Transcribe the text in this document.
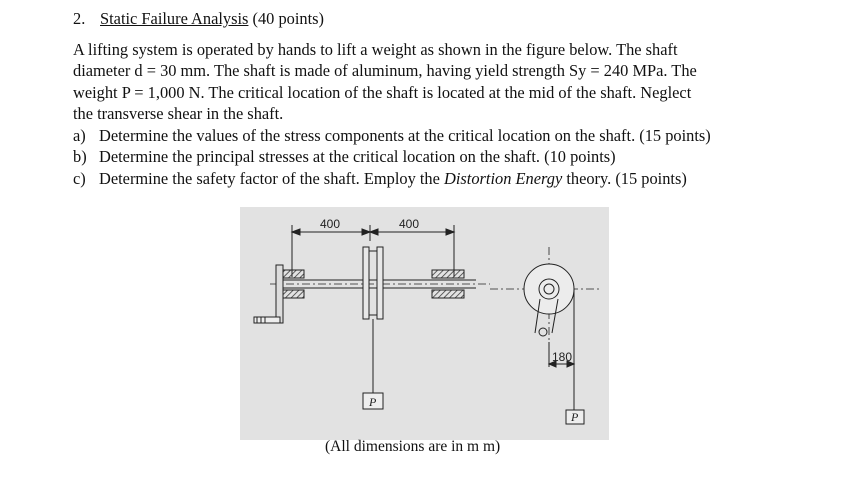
2. Static Failure Analysis (40 points)
A lifting system is operated by hands to lift a weight as shown in the figure below. The shaft
diameter d = 30 mm. The shaft is made of aluminum, having yield strength Sy = 240 MPa. The
weight P = 1,000 N. The critical location of the shaft is located at the mid of the shaft. Neglect
the transverse shear in the shaft.
a) Determine the values of the stress components at the critical location on the shaft. (15 points)
b) Determine the principal stresses at the critical location on the shaft. (10 points)
c) Determine the safety factor of the shaft. Employ the Distortion Energy theory. (15 points)
400	400
P
180
P
(All dimensions are in m m)
